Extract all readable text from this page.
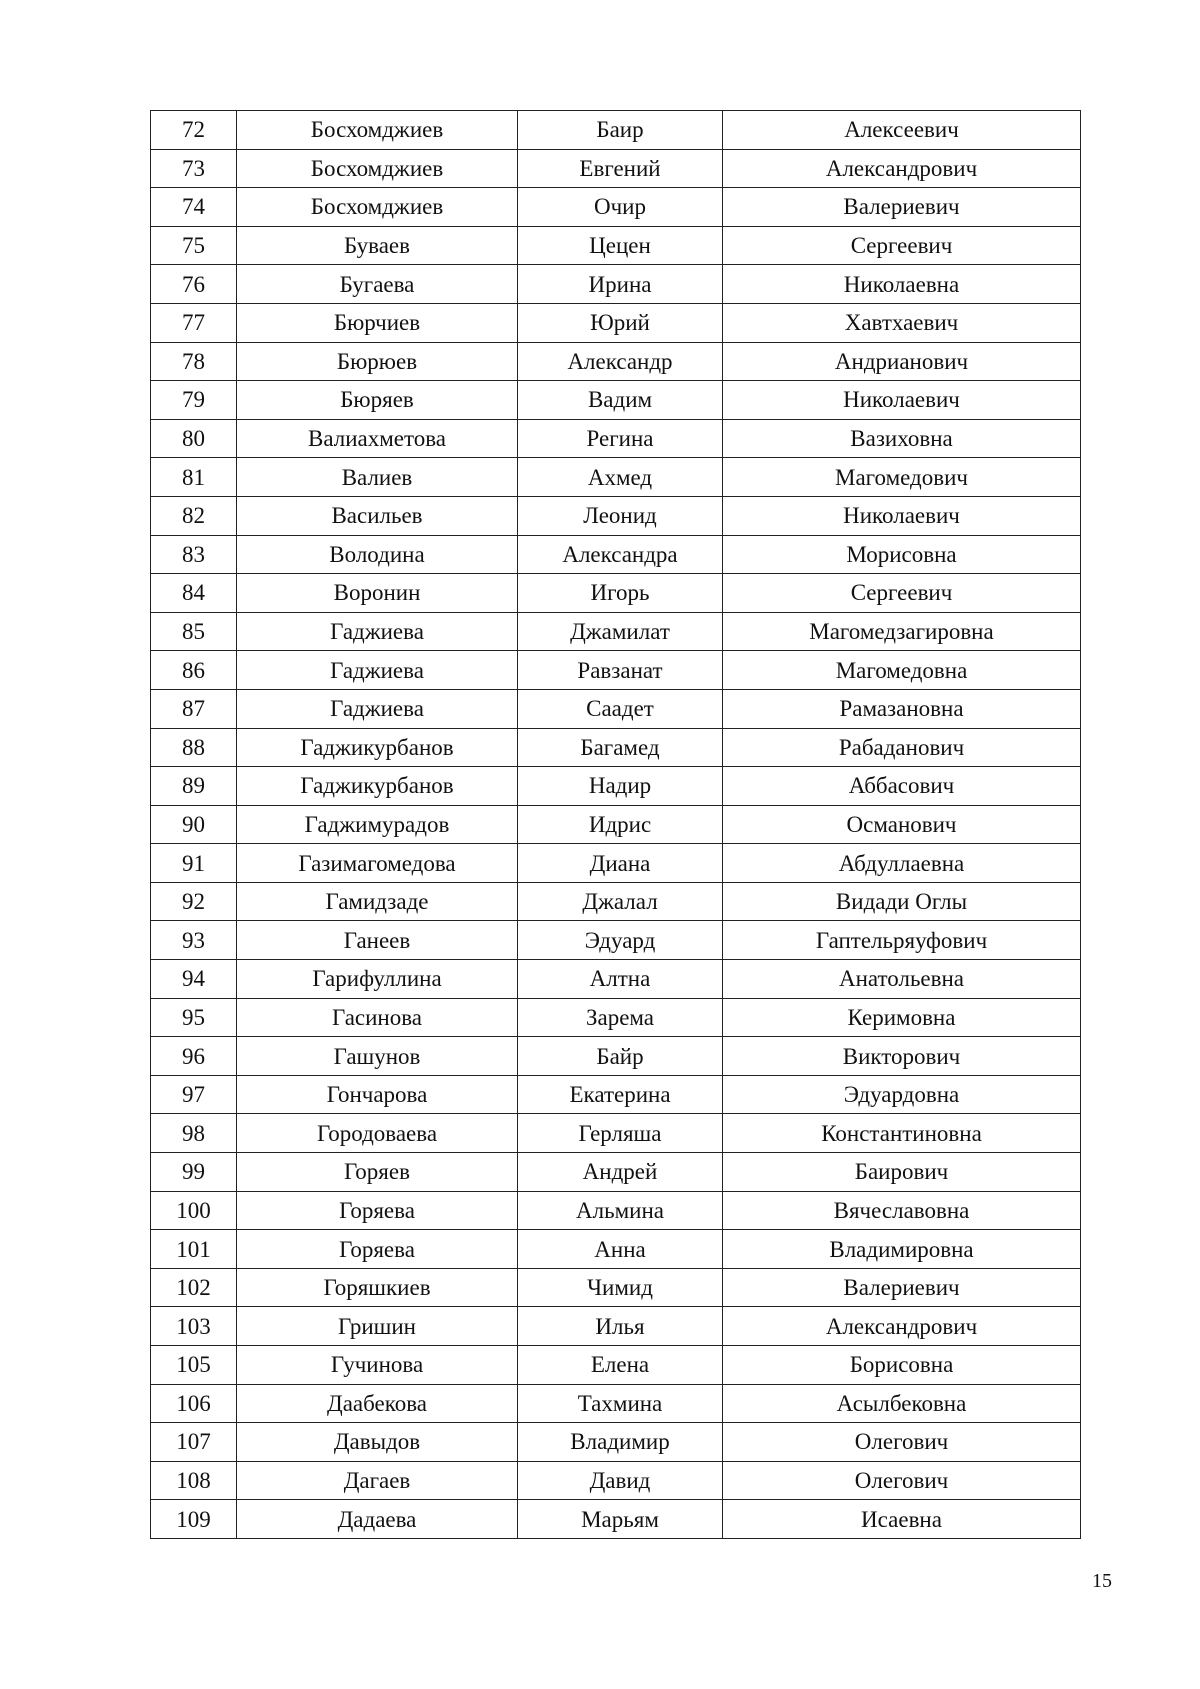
72	Босхомджиев	Баир	Алексеевич
73	Босхомджиев	Евгений	Александрович
74	Босхомджиев	Очир	Валериевич
75	Буваев	Цецен	Сергеевич
76	Бугаева	Ирина	Николаевна
77	Бюрчиев	Юрий	Хавтхаевич
78	Бюрюев	Александр	Андрианович
79	Бюряев	Вадим	Николаевич
80	Валиахметова	Регина	Вазиховна
81	Валиев	Ахмед	Магомедович
82	Васильев	Леонид	Николаевич
83	Володина	Александра	Морисовна
84	Воронин	Игорь	Сергеевич
85	Гаджиева	Джамилат	Магомедзагировна
86	Гаджиева	Равзанат	Магомедовна
87	Гаджиева	Саадет	Рамазановна
88	Гаджикурбанов	Багамед	Рабаданович
89	Гаджикурбанов	Надир	Аббасович
90	Гаджимурадов	Идрис	Османович
91	Газимагомедова	Диана	Абдуллаевна
92	Гамидзаде	Джалал	Видади Оглы
93	Ганеев	Эдуард	Гаптельряуфович
94	Гарифуллина	Алтна	Анатольевна
95	Гасинова	Зарема	Керимовна
96	Гашунов	Байр	Викторович
97	Гончарова	Екатерина	Эдуардовна
98	Городоваева	Герляша	Константиновна
99	Горяев	Андрей	Баирович
100	Горяева	Альмина	Вячеславовна
101	Горяева	Анна	Владимировна
102	Горяшкиев	Чимид	Валериевич
103	Гришин	Илья	Александрович
105	Гучинова	Елена	Борисовна
106	Даабекова	Тахмина	Асылбековна
107	Давыдов	Владимир	Олегович
108	Дагаев	Давид	Олегович
109	Дадаева	Марьям	Исаевна
15
